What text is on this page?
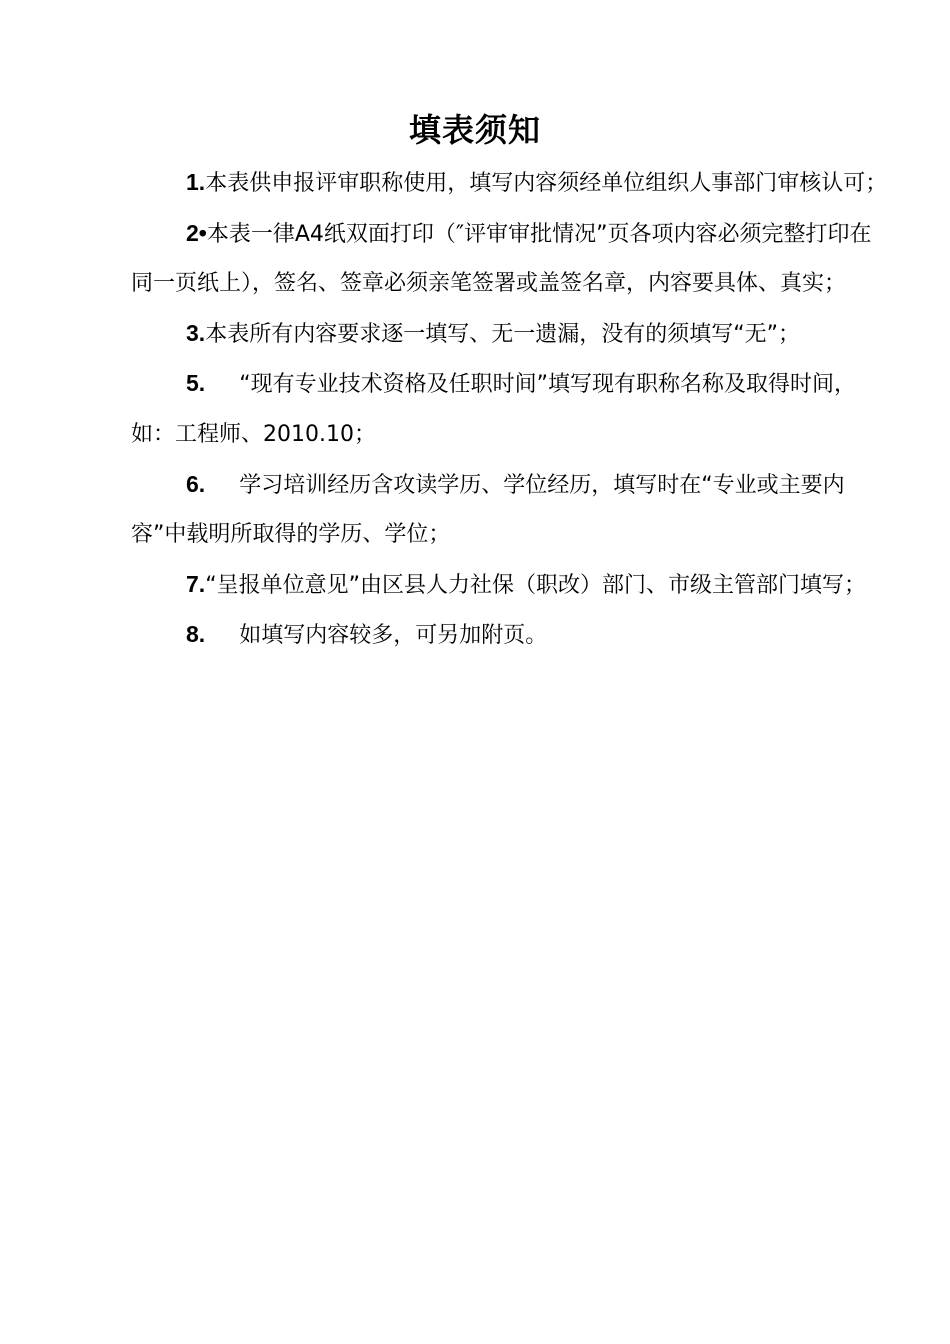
填表须知

1.本表供申报评审职称使用，填写内容须经单位组织人事部门审核认可；

2•本表一律A4纸双面打印（″评审审批情况”页各项内容必须完整打印在同一页纸上），签名、签章必须亲笔签署或盖签名章，内容要具体、真实；

3.本表所有内容要求逐一填写、无一遗漏，没有的须填写“无”；

5. “现有专业技术资格及任职时间”填写现有职称名称及取得时间，如：工程师、2010.10；

6. 学习培训经历含攻读学历、学位经历，填写时在“专业或主要内容”中载明所取得的学历、学位；

7.“呈报单位意见”由区县人力社保（职改）部门、市级主管部门填写；

8. 如填写内容较多，可另加附页。
